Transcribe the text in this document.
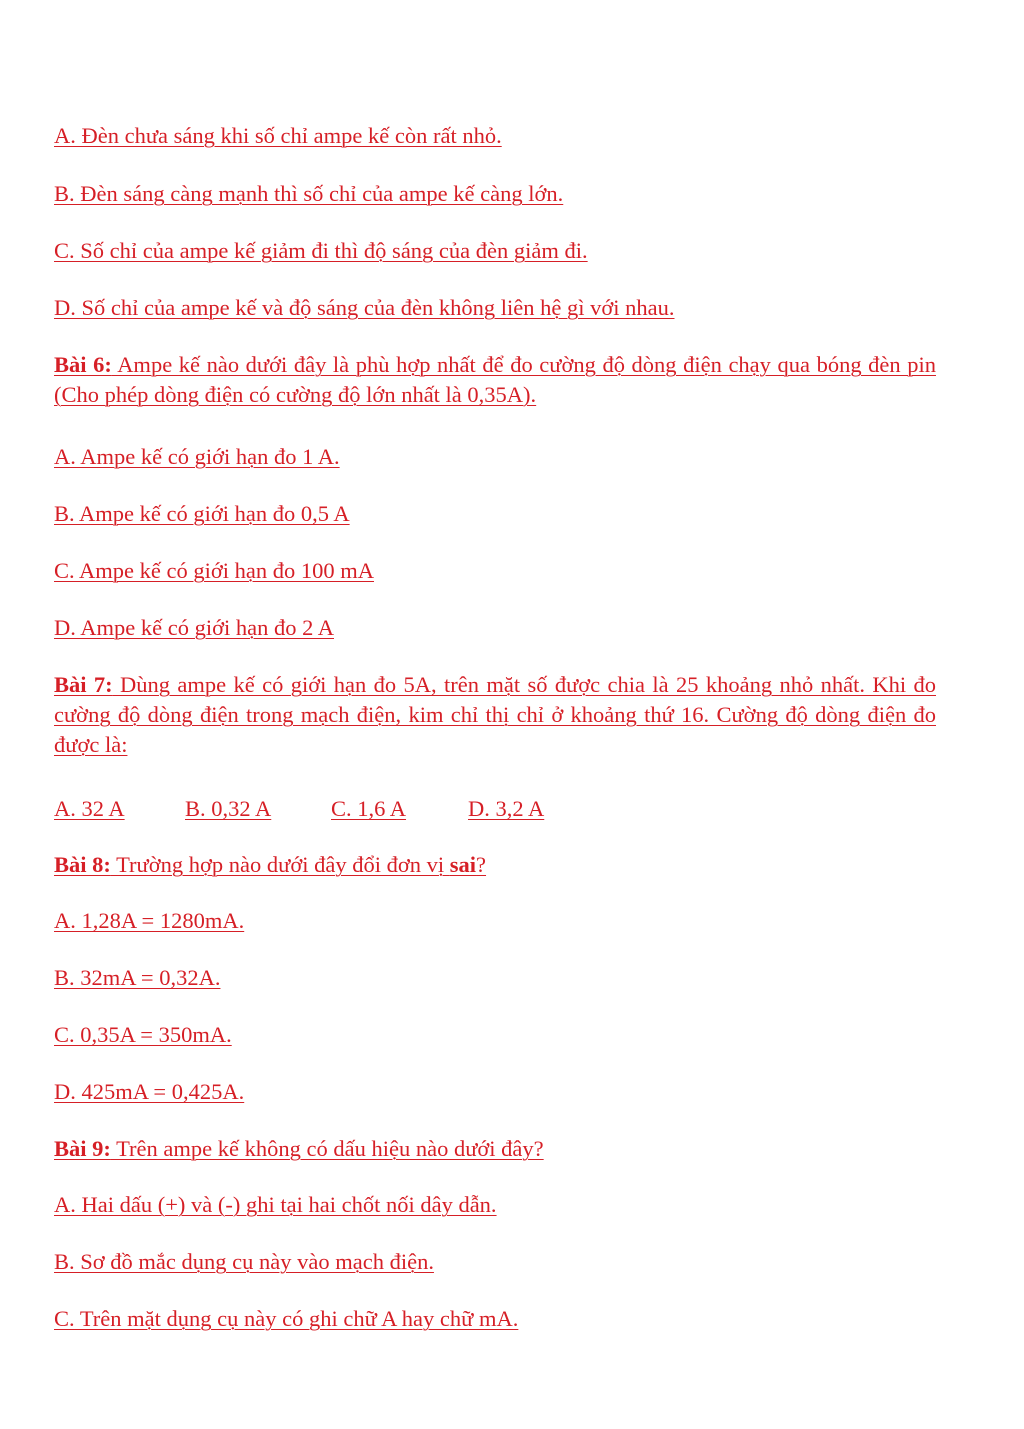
A. Đèn chưa sáng khi số chỉ ampe kế còn rất nhỏ.
B. Đèn sáng càng mạnh thì số chỉ của ampe kế càng lớn.
C. Số chỉ của ampe kế giảm đi thì độ sáng của đèn giảm đi.
D. Số chỉ của ampe kế và độ sáng của đèn không liên hệ gì với nhau.
Bài 6: Ampe kế nào dưới đây là phù hợp nhất để đo cường độ dòng điện chạy qua bóng đèn pin (Cho phép dòng điện có cường độ lớn nhất là 0,35A).
A. Ampe kế có giới hạn đo 1 A.
B. Ampe kế có giới hạn đo 0,5 A
C. Ampe kế có giới hạn đo 100 mA
D. Ampe kế có giới hạn đo 2 A
Bài 7: Dùng ampe kế có giới hạn đo 5A, trên mặt số được chia là 25 khoảng nhỏ nhất. Khi đo cường độ dòng điện trong mạch điện, kim chỉ thị chỉ ở khoảng thứ 16. Cường độ dòng điện đo được là:
A. 32 A	B. 0,32 A	C. 1,6 A	D. 3,2 A
Bài 8: Trường hợp nào dưới đây đổi đơn vị sai?
A. 1,28A = 1280mA.
B. 32mA = 0,32A.
C. 0,35A = 350mA.
D. 425mA = 0,425A.
Bài 9: Trên ampe kế không có dấu hiệu nào dưới đây?
A. Hai dấu (+) và (-) ghi tại hai chốt nối dây dẫn.
B. Sơ đồ mắc dụng cụ này vào mạch điện.
C. Trên mặt dụng cụ này có ghi chữ A hay chữ mA.
